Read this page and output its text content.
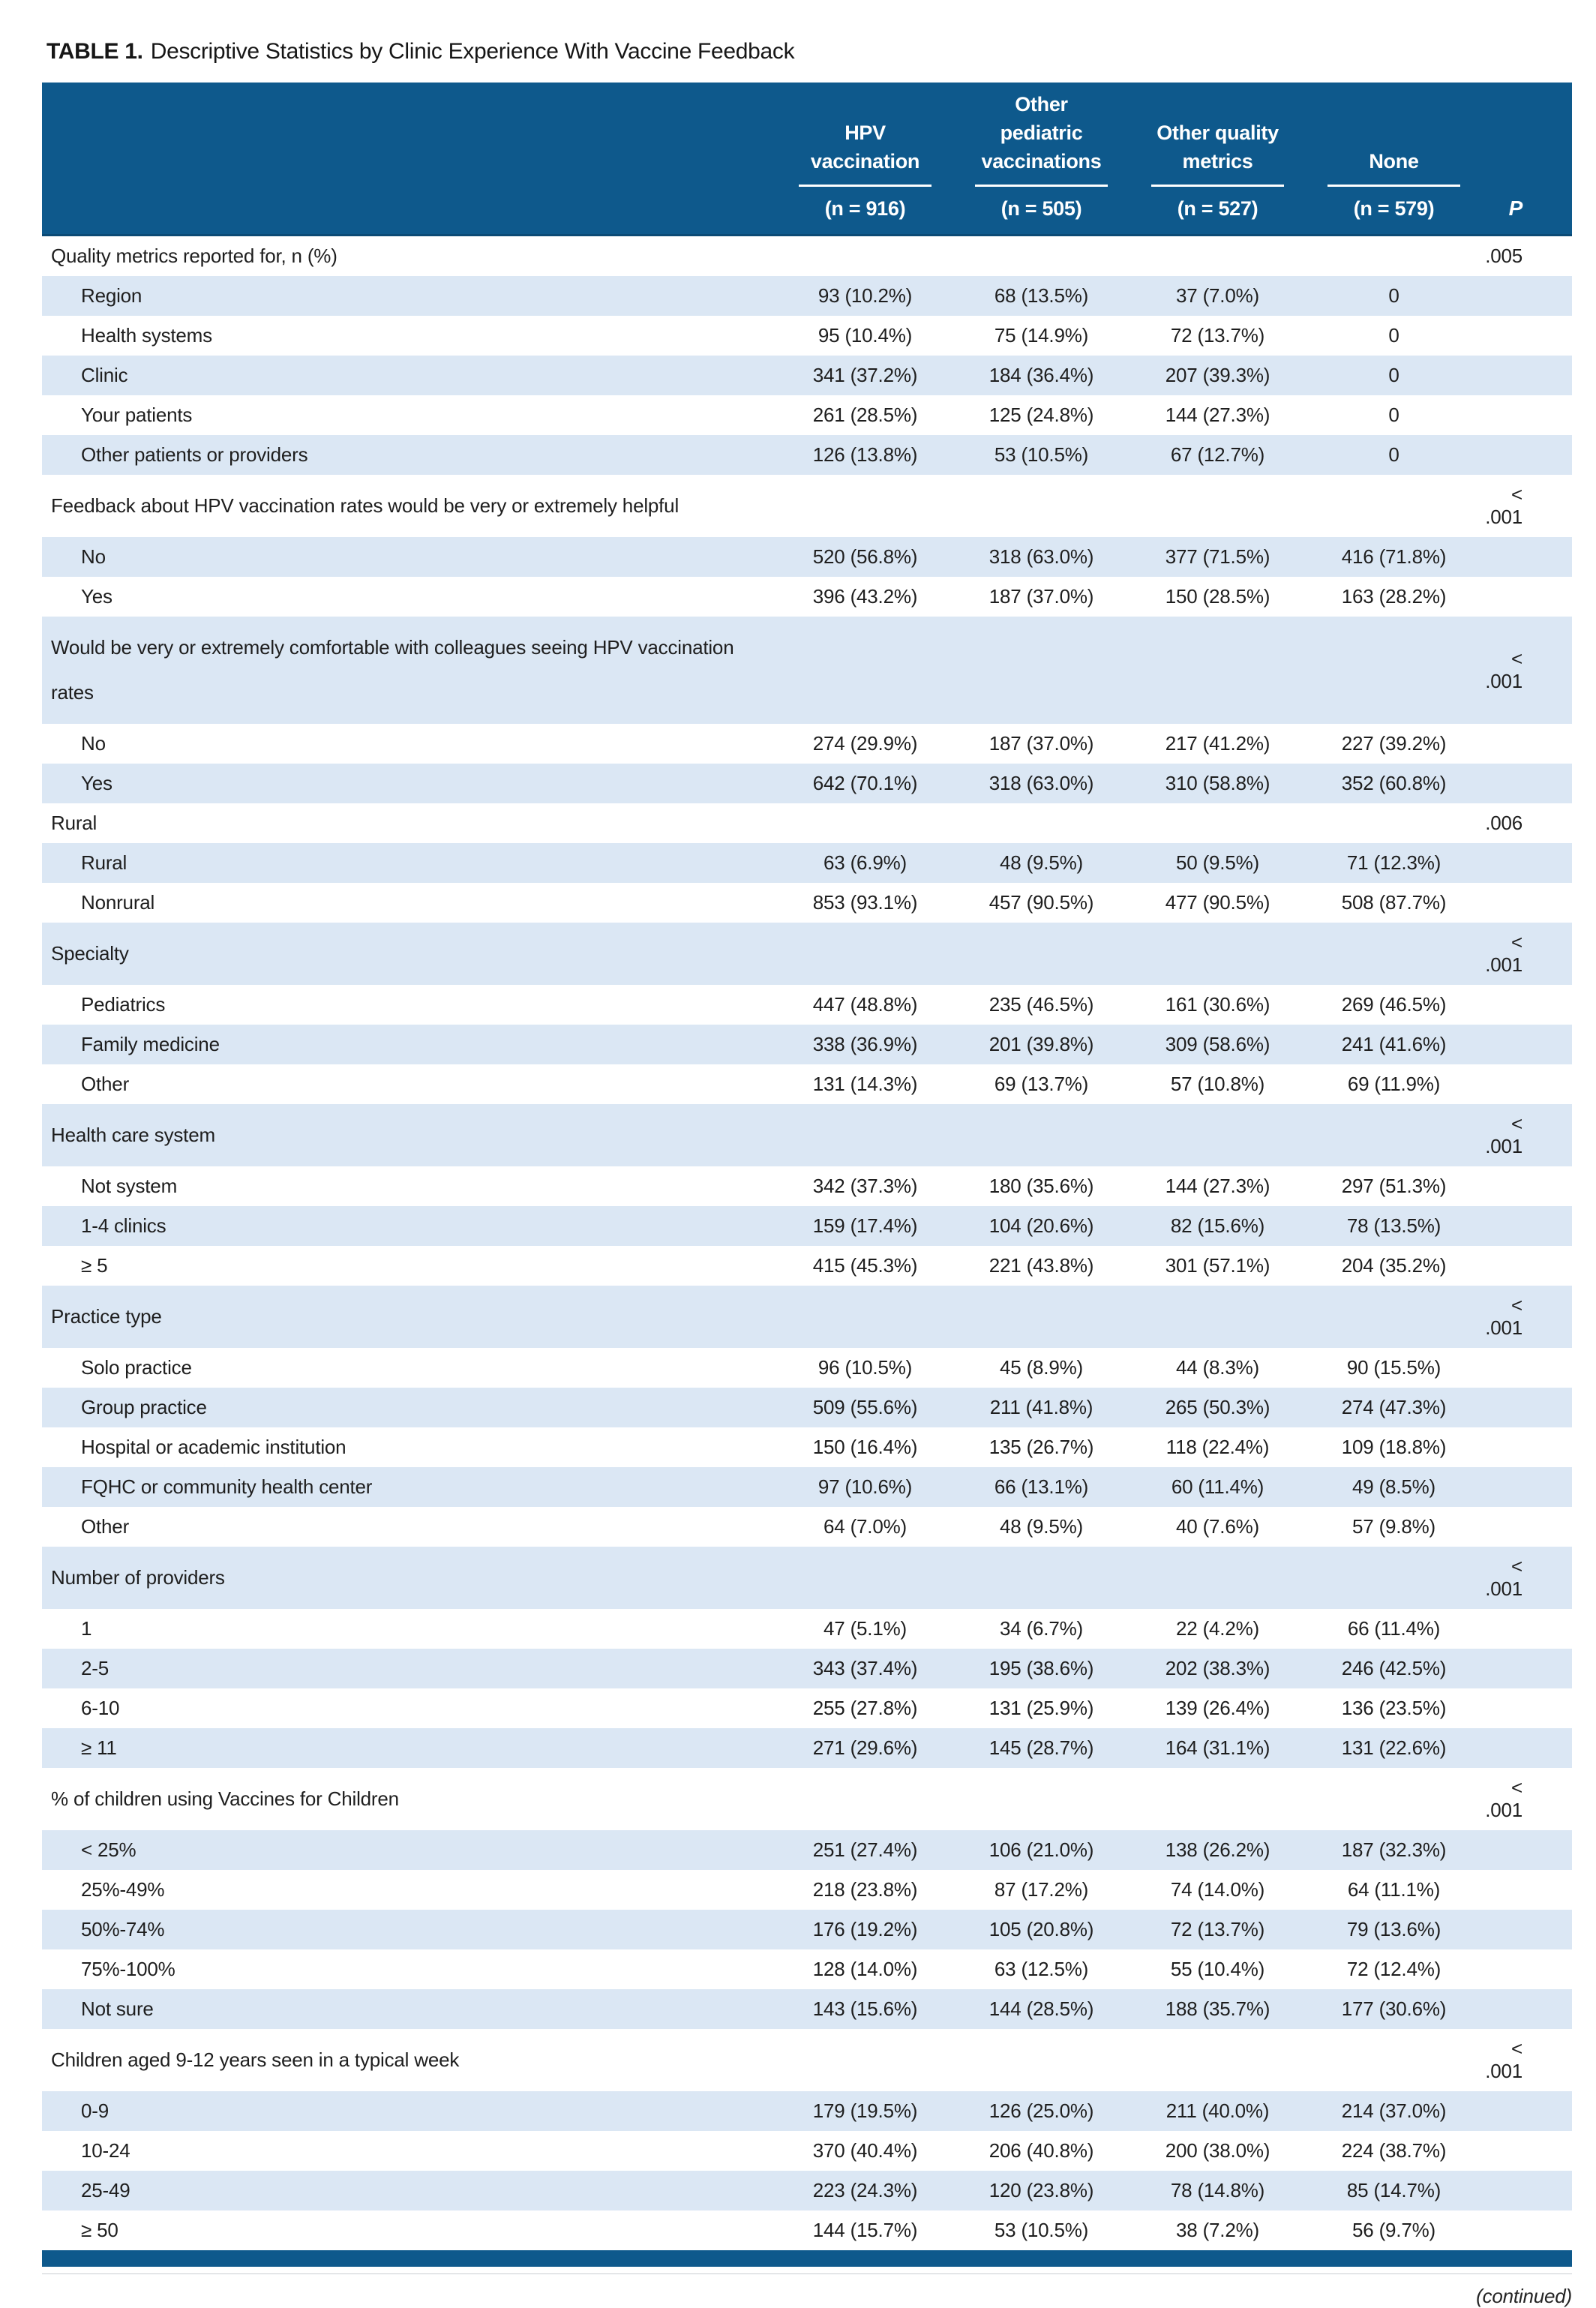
TABLE 1. Descriptive Statistics by Clinic Experience With Vaccine Feedback

	HPV vaccination	Other pediatric vaccinations	Other quality metrics	None	

	(n = 916)	(n = 505)	(n = 527)	(n = 579)	P

Quality metrics reported for, n (%)					.005
Region	93 (10.2%)	68 (13.5%)	37 (7.0%)	0	
Health systems	95 (10.4%)	75 (14.9%)	72 (13.7%)	0	
Clinic	341 (37.2%)	184 (36.4%)	207 (39.3%)	0	
Your patients	261 (28.5%)	125 (24.8%)	144 (27.3%)	0	
Other patients or providers	126 (13.8%)	53 (10.5%)	67 (12.7%)	0	

Feedback about HPV vaccination rates would be very or extremely helpful					< .001
No	520 (56.8%)	318 (63.0%)	377 (71.5%)	416 (71.8%)	
Yes	396 (43.2%)	187 (37.0%)	150 (28.5%)	163 (28.2%)	

Would be very or extremely comfortable with colleagues seeing HPV vaccination rates					< .001
No	274 (29.9%)	187 (37.0%)	217 (41.2%)	227 (39.2%)	
Yes	642 (70.1%)	318 (63.0%)	310 (58.8%)	352 (60.8%)	

Rural					.006
Rural	63 (6.9%)	48 (9.5%)	50 (9.5%)	71 (12.3%)	
Nonrural	853 (93.1%)	457 (90.5%)	477 (90.5%)	508 (87.7%)	

Specialty					< .001
Pediatrics	447 (48.8%)	235 (46.5%)	161 (30.6%)	269 (46.5%)	
Family medicine	338 (36.9%)	201 (39.8%)	309 (58.6%)	241 (41.6%)	
Other	131 (14.3%)	69 (13.7%)	57 (10.8%)	69 (11.9%)	

Health care system					< .001
Not system	342 (37.3%)	180 (35.6%)	144 (27.3%)	297 (51.3%)	
1-4 clinics	159 (17.4%)	104 (20.6%)	82 (15.6%)	78 (13.5%)	
≥ 5	415 (45.3%)	221 (43.8%)	301 (57.1%)	204 (35.2%)	

Practice type					< .001
Solo practice	96 (10.5%)	45 (8.9%)	44 (8.3%)	90 (15.5%)	
Group practice	509 (55.6%)	211 (41.8%)	265 (50.3%)	274 (47.3%)	
Hospital or academic institution	150 (16.4%)	135 (26.7%)	118 (22.4%)	109 (18.8%)	
FQHC or community health center	97 (10.6%)	66 (13.1%)	60 (11.4%)	49 (8.5%)	
Other	64 (7.0%)	48 (9.5%)	40 (7.6%)	57 (9.8%)	

Number of providers					< .001
1	47 (5.1%)	34 (6.7%)	22 (4.2%)	66 (11.4%)	
2-5	343 (37.4%)	195 (38.6%)	202 (38.3%)	246 (42.5%)	
6-10	255 (27.8%)	131 (25.9%)	139 (26.4%)	136 (23.5%)	
≥ 11	271 (29.6%)	145 (28.7%)	164 (31.1%)	131 (22.6%)	

% of children using Vaccines for Children					< .001
< 25%	251 (27.4%)	106 (21.0%)	138 (26.2%)	187 (32.3%)	
25%-49%	218 (23.8%)	87 (17.2%)	74 (14.0%)	64 (11.1%)	
50%-74%	176 (19.2%)	105 (20.8%)	72 (13.7%)	79 (13.6%)	
75%-100%	128 (14.0%)	63 (12.5%)	55 (10.4%)	72 (12.4%)	
Not sure	143 (15.6%)	144 (28.5%)	188 (35.7%)	177 (30.6%)	

Children aged 9-12 years seen in a typical week					< .001
0-9	179 (19.5%)	126 (25.0%)	211 (40.0%)	214 (37.0%)	
10-24	370 (40.4%)	206 (40.8%)	200 (38.0%)	224 (38.7%)	
25-49	223 (24.3%)	120 (23.8%)	78 (14.8%)	85 (14.7%)	
≥ 50	144 (15.7%)	53 (10.5%)	38 (7.2%)	56 (9.7%)	
(continued)
